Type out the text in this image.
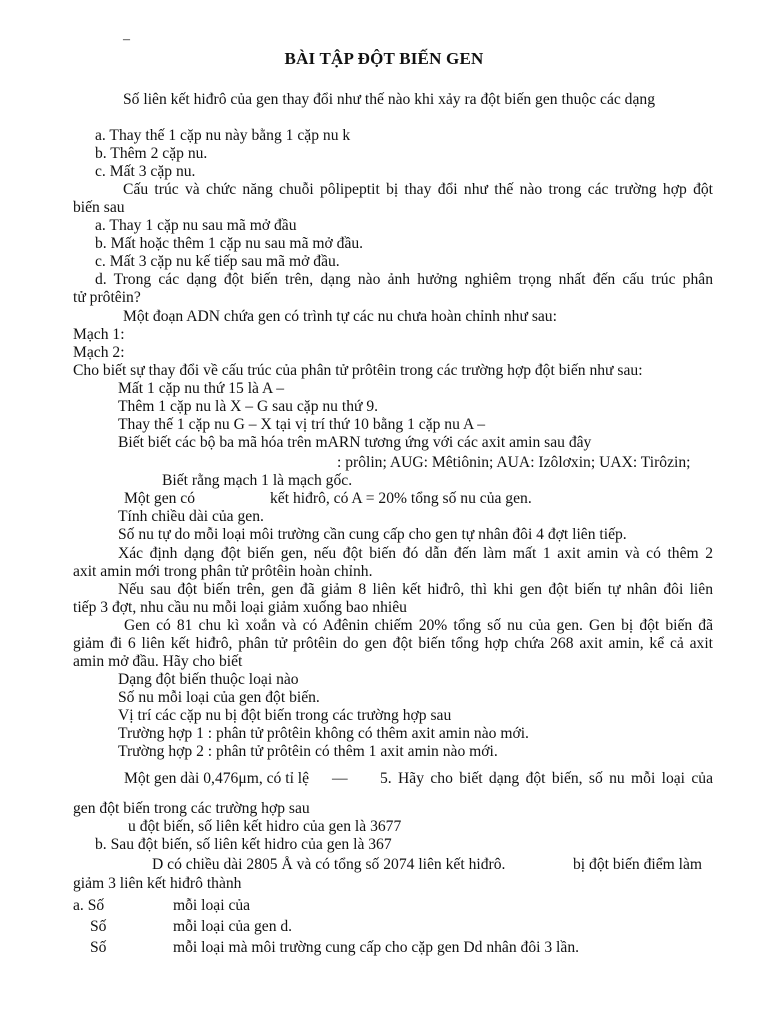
–
BÀI TẬP ĐỘT BIẾN GEN
Số liên kết hiđrô của gen thay đổi như thế nào khi xảy ra đột biến gen thuộc các dạng
a. Thay thế 1 cặp nu này bằng 1 cặp nu k
b. Thêm 2 cặp nu.
c. Mất 3 cặp nu.
Cấu trúc và chức năng chuỗi pôlipeptit bị thay đổi như thế nào trong các trường hợp đột
biến sau
a. Thay 1 cặp nu sau mã mở đầu
b. Mất hoặc thêm 1 cặp nu sau mã mở đầu.
c. Mất 3 cặp nu kế tiếp sau mã mở đầu.
d. Trong các dạng đột biến trên, dạng nào ảnh hưởng nghiêm trọng nhất đến cấu trúc phân
tử prôtêin?
Một đoạn ADN chứa gen có trình tự các nu chưa hoàn chỉnh như sau:
Mạch 1:
Mạch 2:
Cho biết sự thay đổi về cấu trúc của phân tử prôtêin trong các trường hợp đột biến như sau:
Mất 1 cặp nu thứ 15 là A –
Thêm 1 cặp nu là X – G sau cặp nu thứ 9.
Thay thế 1 cặp nu G – X tại vị trí thứ 10 bằng 1 cặp nu A –
Biết biết các bộ ba mã hóa trên mARN tương ứng với các axit amin sau đây
: prôlin; AUG: Mêtiônin; AUA: Izôlơxin; UAX: Tirôzin;
Biết rằng mạch 1 là mạch gốc.
Một gen có	kết hiđrô, có A = 20% tổng số nu của gen.
Tính chiều dài của gen.
Số nu tự do mỗi loại môi trường cần cung cấp cho gen tự nhân đôi 4 đợt liên tiếp.
Xác định dạng đột biến gen, nếu đột biến đó dẫn đến làm mất 1 axit amin và có thêm 2
axit amin mới trong phân tử prôtêin hoàn chỉnh.
Nếu sau đột biến trên, gen đã giảm 8 liên kết hiđrô, thì khi gen đột biến tự nhân đôi liên
tiếp 3 đợt, nhu cầu nu mỗi loại giảm xuống bao nhiêu
Gen có 81 chu kì xoắn và có Ađênin chiếm 20% tổng số nu của gen. Gen bị đột biến đã
giảm đi 6 liên kết hiđrô, phân tử prôtêin do gen đột biến tổng hợp chứa 268 axit amin, kể cả axit
amin mở đầu. Hãy cho biết
Dạng đột biến thuộc loại nào
Số nu mỗi loại của gen đột biến.
Vị trí các cặp nu bị đột biến trong các trường hợp sau
Trường hợp 1 : phân tử prôtêin không có thêm axit amin nào mới.
Trường hợp 2 : phân tử prôtêin có thêm 1 axit amin nào mới.
Một gen dài 0,476μm, có tỉ lệ — 5. Hãy cho biết dạng đột biến, số nu mỗi loại của
gen đột biến trong các trường hợp sau
u đột biến, số liên kết hidro của gen là 3677
b. Sau đột biến, số liên kết hidro của gen là 367
D có chiều dài 2805 Å và có tổng số 2074 liên kết hiđrô.	bị đột biến điểm làm
giảm 3 liên kết hiđrô thành
a. Số	mỗi loại của
Số	mỗi loại của gen d.
Số	mỗi loại mà môi trường cung cấp cho cặp gen Dd nhân đôi 3 lần.
